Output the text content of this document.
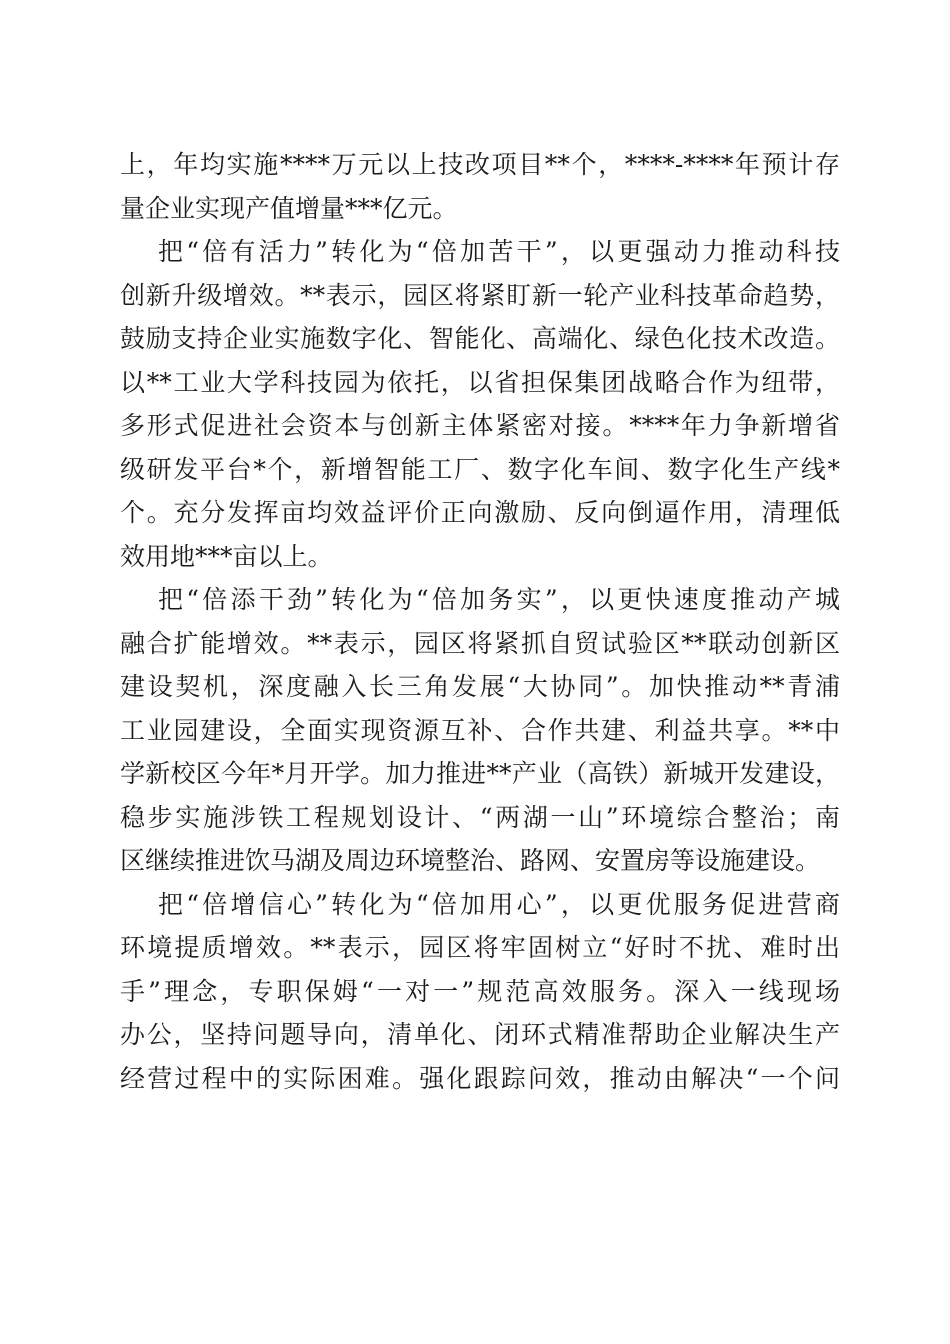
上，年均实施****万元以上技改项目**个，****-****年预计存
量企业实现产值增量***亿元。
把“倍有活力”转化为“倍加苦干”，以更强动力推动科技
创新升级增效。**表示，园区将紧盯新一轮产业科技革命趋势，
鼓励支持企业实施数字化、智能化、高端化、绿色化技术改造。
以**工业大学科技园为依托，以省担保集团战略合作为纽带，
多形式促进社会资本与创新主体紧密对接。****年力争新增省
级研发平台*个，新增智能工厂、数字化车间、数字化生产线*
个。充分发挥亩均效益评价正向激励、反向倒逼作用，清理低
效用地***亩以上。
把“倍添干劲”转化为“倍加务实”，以更快速度推动产城
融合扩能增效。**表示，园区将紧抓自贸试验区**联动创新区
建设契机，深度融入长三角发展“大协同”。加快推动**青浦
工业园建设，全面实现资源互补、合作共建、利益共享。**中
学新校区今年*月开学。加力推进**产业（高铁）新城开发建设，
稳步实施涉铁工程规划设计、“两湖一山”环境综合整治；南
区继续推进饮马湖及周边环境整治、路网、安置房等设施建设。
把“倍增信心”转化为“倍加用心”，以更优服务促进营商
环境提质增效。**表示，园区将牢固树立“好时不扰、难时出
手”理念，专职保姆“一对一”规范高效服务。深入一线现场
办公，坚持问题导向，清单化、闭环式精准帮助企业解决生产
经营过程中的实际困难。强化跟踪问效，推动由解决“一个问
